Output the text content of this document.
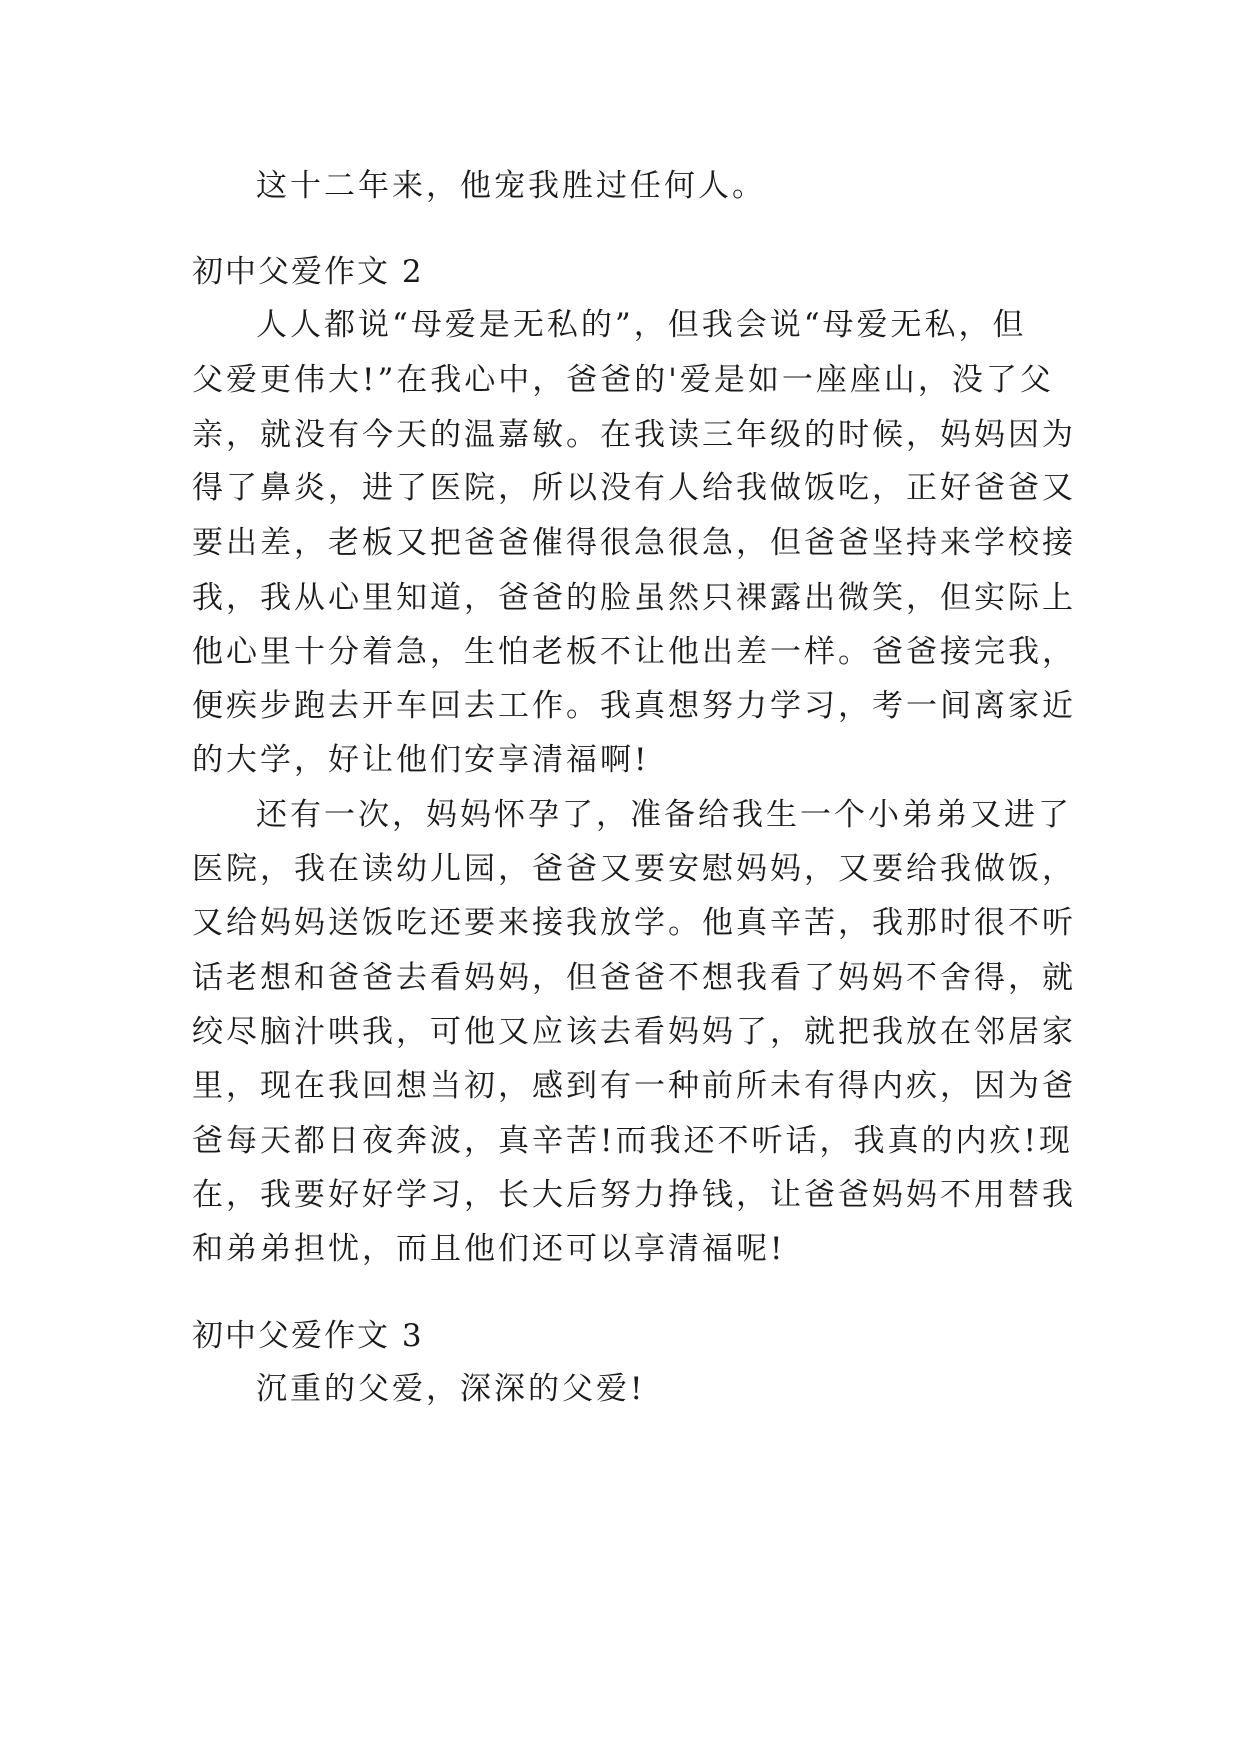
这十二年来，他宠我胜过任何人。
初中父爱作文 2
人人都说“母爱是无私的”，但我会说“母爱无私，但
父爱更伟大!”在我心中，爸爸的'爱是如一座座山，没了父
亲，就没有今天的温嘉敏。在我读三年级的时候，妈妈因为
得了鼻炎，进了医院，所以没有人给我做饭吃，正好爸爸又
要出差，老板又把爸爸催得很急很急，但爸爸坚持来学校接
我，我从心里知道，爸爸的脸虽然只裸露出微笑，但实际上
他心里十分着急，生怕老板不让他出差一样。爸爸接完我，
便疾步跑去开车回去工作。我真想努力学习，考一间离家近
的大学，好让他们安享清福啊!
还有一次，妈妈怀孕了，准备给我生一个小弟弟又进了
医院，我在读幼儿园，爸爸又要安慰妈妈，又要给我做饭，
又给妈妈送饭吃还要来接我放学。他真辛苦，我那时很不听
话老想和爸爸去看妈妈，但爸爸不想我看了妈妈不舍得，就
绞尽脑汁哄我，可他又应该去看妈妈了，就把我放在邻居家
里，现在我回想当初，感到有一种前所未有得内疚，因为爸
爸每天都日夜奔波，真辛苦!而我还不听话，我真的内疚!现
在，我要好好学习，长大后努力挣钱，让爸爸妈妈不用替我
和弟弟担忧，而且他们还可以享清福呢!
初中父爱作文 3
沉重的父爱，深深的父爱!
